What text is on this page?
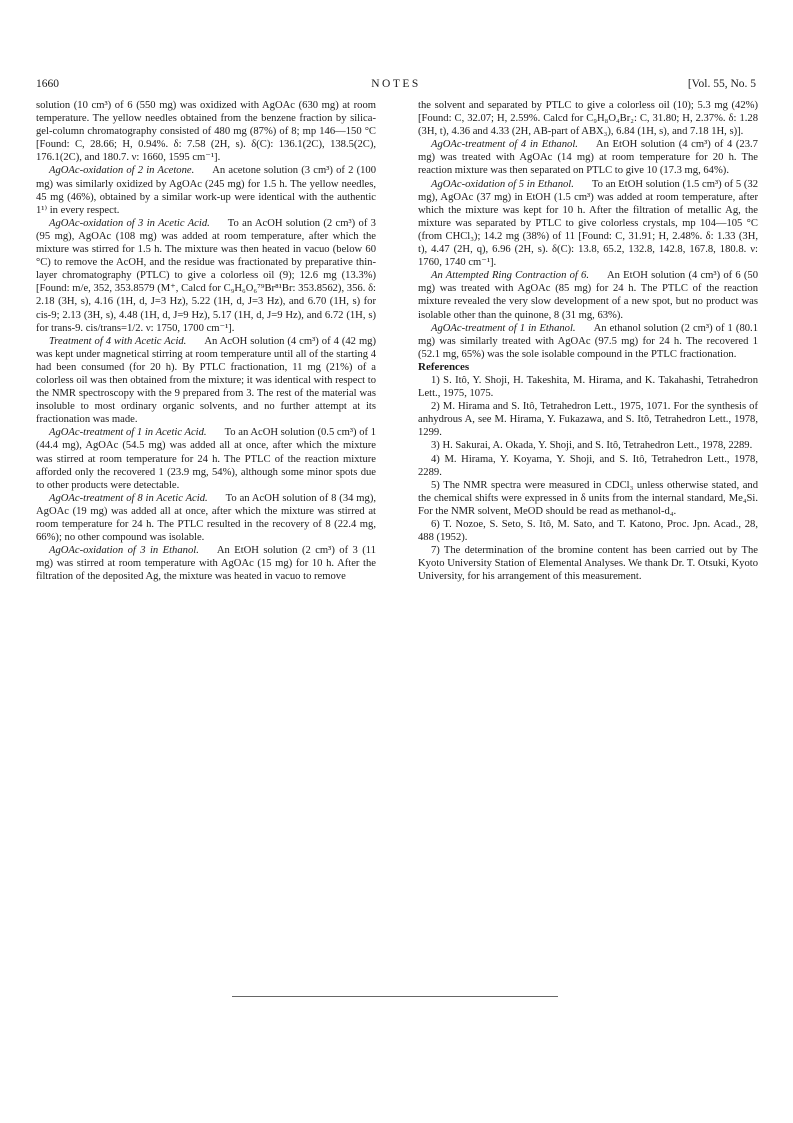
1660	NOTES	[Vol. 55, No. 5

solution (10 cm³) of 6 (550 mg) was oxidized with AgOAc (630 mg) at room temperature. The yellow needles obtained from the benzene fraction by silica-gel-column chromatography consisted of 480 mg (87%) of 8; mp 146—150 °C [Found: C, 28.66; H, 0.94%. δ: 7.58 (2H, s). δ(C): 136.1(2C), 138.5(2C), 176.1(2C), and 180.7. ν: 1660, 1595 cm⁻¹].

AgOAc-oxidation of 2 in Acetone. An acetone solution (3 cm³) of 2 (100 mg) was similarly oxidized by AgOAc (245 mg) for 1.5 h. The yellow needles, 45 mg (46%), obtained by a similar work-up were identical with the authentic 1¹⁾ in every respect.

AgOAc-oxidation of 3 in Acetic Acid. To an AcOH solution (2 cm³) of 3 (95 mg), AgOAc (108 mg) was added at room temperature, after which the mixture was stirred for 1.5 h. The mixture was then heated in vacuo (below 60 °C) to remove the AcOH, and the residue was fractionated by preparative thin-layer chromatography (PTLC) to give a colorless oil (9); 12.6 mg (13.3%) [Found: m/e, 352, 353.8579 (M⁺, Calcd for C₉H₆O₆⁷⁹Br⁸¹Br: 353.8562), 356. δ: 2.18 (3H, s), 4.16 (1H, d, J=3 Hz), 5.22 (1H, d, J=3 Hz), and 6.70 (1H, s) for cis-9; 2.13 (3H, s), 4.48 (1H, d, J=9 Hz), 5.17 (1H, d, J=9 Hz), and 6.72 (1H, s) for trans-9. cis/trans=1/2. ν: 1750, 1700 cm⁻¹].

Treatment of 4 with Acetic Acid. An AcOH solution (4 cm³) of 4 (42 mg) was kept under magnetical stirring at room temperature until all of the starting 4 had been consumed (for 20 h). By PTLC fractionation, 11 mg (21%) of a colorless oil was then obtained from the mixture; it was identical with respect to the NMR spectroscopy with the 9 prepared from 3. The rest of the material was insoluble to most ordinary organic solvents, and no further attempt at its fractionation was made.

AgOAc-treatment of 1 in Acetic Acid. To an AcOH solution (0.5 cm³) of 1 (44.4 mg), AgOAc (54.5 mg) was added all at once, after which the mixture was stirred at room temperature for 24 h. The PTLC of the reaction mixture afforded only the recovered 1 (23.9 mg, 54%), although some minor spots due to other products were detectable.

AgOAc-treatment of 8 in Acetic Acid. To an AcOH solution of 8 (34 mg), AgOAc (19 mg) was added all at once, after which the mixture was stirred at room temperature for 24 h. The PTLC resulted in the recovery of 8 (22.4 mg, 66%); no other compound was isolable.

AgOAc-oxidation of 3 in Ethanol. An EtOH solution (2 cm³) of 3 (11 mg) was stirred at room temperature with AgOAc (15 mg) for 10 h. After the filtration of the deposited Ag, the mixture was heated in vacuo to remove

the solvent and separated by PTLC to give a colorless oil (10); 5.3 mg (42%) [Found: C, 32.07; H, 2.59%. Calcd for C₉H₈O₄Br₂: C, 31.80; H, 2.37%. δ: 1.28 (3H, t), 4.36 and 4.33 (2H, AB-part of ABX₃), 6.84 (1H, s), and 7.18 1H, s)].

AgOAc-treatment of 4 in Ethanol. An EtOH solution (4 cm³) of 4 (23.7 mg) was treated with AgOAc (14 mg) at room temperature for 20 h. The reaction mixture was then separated on PTLC to give 10 (17.3 mg, 64%).

AgOAc-oxidation of 5 in Ethanol. To an EtOH solution (1.5 cm³) of 5 (32 mg), AgOAc (37 mg) in EtOH (1.5 cm³) was added at room temperature, after which the mixture was kept for 10 h. After the filtration of metallic Ag, the mixture was separated by PTLC to give colorless crystals, mp 104—105 °C (from CHCl₃); 14.2 mg (38%) of 11 [Found: C, 31.91; H, 2.48%. δ: 1.33 (3H, t), 4.47 (2H, q), 6.96 (2H, s). δ(C): 13.8, 65.2, 132.8, 142.8, 167.8, 180.8. ν: 1760, 1740 cm⁻¹].

An Attempted Ring Contraction of 6. An EtOH solution (4 cm³) of 6 (50 mg) was treated with AgOAc (85 mg) for 24 h. The PTLC of the reaction mixture revealed the very slow development of a new spot, but no product was isolable other than the quinone, 8 (31 mg, 63%).

AgOAc-treatment of 1 in Ethanol. An ethanol solution (2 cm³) of 1 (80.1 mg) was similarly treated with AgOAc (97.5 mg) for 24 h. The recovered 1 (52.1 mg, 65%) was the sole isolable compound in the PTLC fractionation.

References

1) S. Itô, Y. Shoji, H. Takeshita, M. Hirama, and K. Takahashi, Tetrahedron Lett., 1975, 1075.

2) M. Hirama and S. Itô, Tetrahedron Lett., 1975, 1071. For the synthesis of anhydrous A, see M. Hirama, Y. Fukazawa, and S. Itô, Tetrahedron Lett., 1978, 1299.

3) H. Sakurai, A. Okada, Y. Shoji, and S. Itô, Tetrahedron Lett., 1978, 2289.

4) M. Hirama, Y. Koyama, Y. Shoji, and S. Itô, Tetrahedron Lett., 1978, 2289.

5) The NMR spectra were measured in CDCl₃ unless otherwise stated, and the chemical shifts were expressed in δ units from the internal standard, Me₄Si. For the NMR solvent, MeOD should be read as methanol-d₄.

6) T. Nozoe, S. Seto, S. Itô, M. Sato, and T. Katono, Proc. Jpn. Acad., 28, 488 (1952).

7) The determination of the bromine content has been carried out by The Kyoto University Station of Elemental Analyses. We thank Dr. T. Otsuki, Kyoto University, for his arrangement of this measurement.
